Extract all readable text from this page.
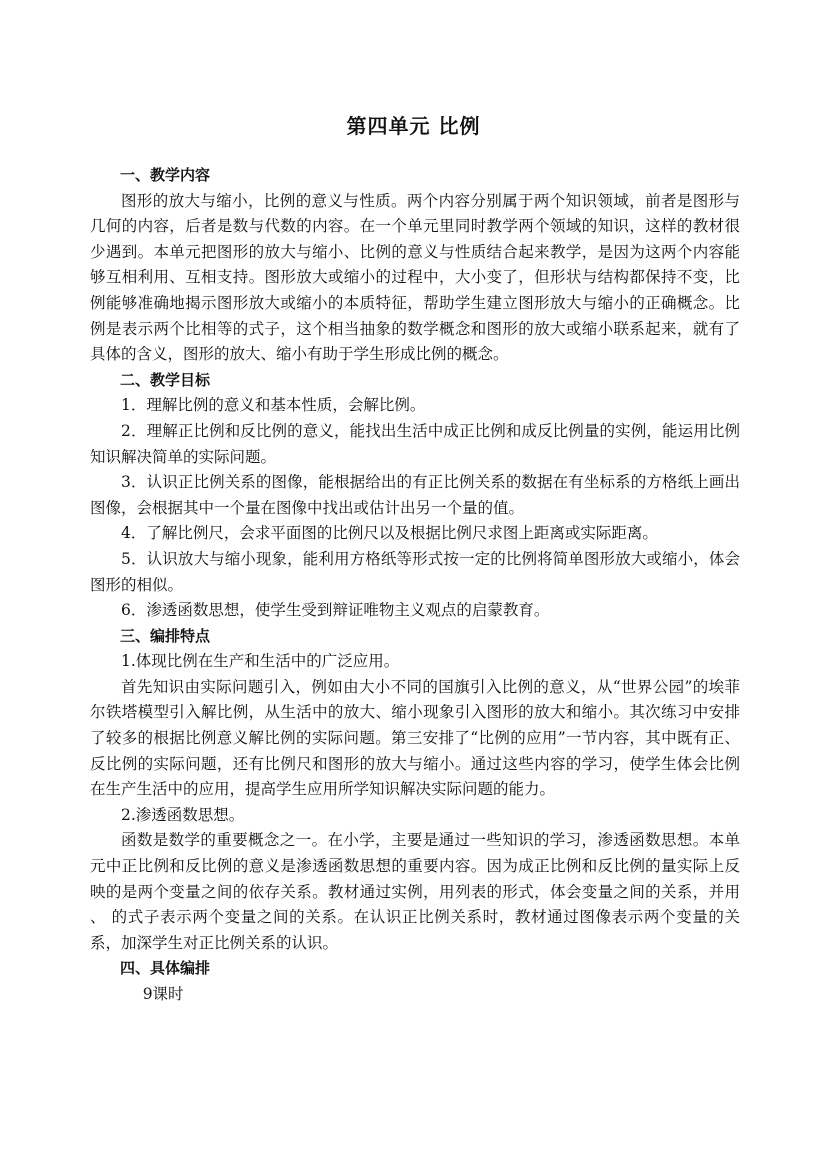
第四单元 比例
一、教学内容

图形的放大与缩小，比例的意义与性质。两个内容分别属于两个知识领域，前者是图形与几何的内容，后者是数与代数的内容。在一个单元里同时教学两个领域的知识，这样的教材很少遇到。本单元把图形的放大与缩小、比例的意义与性质结合起来教学，是因为这两个内容能够互相利用、互相支持。图形放大或缩小的过程中，大小变了，但形状与结构都保持不变，比例能够准确地揭示图形放大或缩小的本质特征，帮助学生建立图形放大与缩小的正确概念。比例是表示两个比相等的式子，这个相当抽象的数学概念和图形的放大或缩小联系起来，就有了具体的含义，图形的放大、缩小有助于学生形成比例的概念。

二、教学目标

1．理解比例的意义和基本性质，会解比例。

2．理解正比例和反比例的意义，能找出生活中成正比例和成反比例量的实例，能运用比例知识解决简单的实际问题。

3．认识正比例关系的图像，能根据给出的有正比例关系的数据在有坐标系的方格纸上画出图像，会根据其中一个量在图像中找出或估计出另一个量的值。

4．了解比例尺，会求平面图的比例尺以及根据比例尺求图上距离或实际距离。

5．认识放大与缩小现象，能利用方格纸等形式按一定的比例将简单图形放大或缩小，体会图形的相似。

6．渗透函数思想，使学生受到辩证唯物主义观点的启蒙教育。

三、编排特点

1.体现比例在生产和生活中的广泛应用。

首先知识由实际问题引入，例如由大小不同的国旗引入比例的意义，从“世界公园”的埃菲尔铁塔模型引入解比例，从生活中的放大、缩小现象引入图形的放大和缩小。其次练习中安排了较多的根据比例意义解比例的实际问题。第三安排了“比例的应用”一节内容，其中既有正、反比例的实际问题，还有比例尺和图形的放大与缩小。通过这些内容的学习，使学生体会比例在生产生活中的应用，提高学生应用所学知识解决实际问题的能力。

2.渗透函数思想。

函数是数学的重要概念之一。在小学，主要是通过一些知识的学习，渗透函数思想。本单元中正比例和反比例的意义是渗透函数思想的重要内容。因为成正比例和反比例的量实际上反映的是两个变量之间的依存关系。教材通过实例，用列表的形式，体会变量之间的关系，并用 、 的式子表示两个变量之间的关系。在认识正比例关系时，教材通过图像表示两个变量的关系，加深学生对正比例关系的认识。

四、具体编排

9课时
